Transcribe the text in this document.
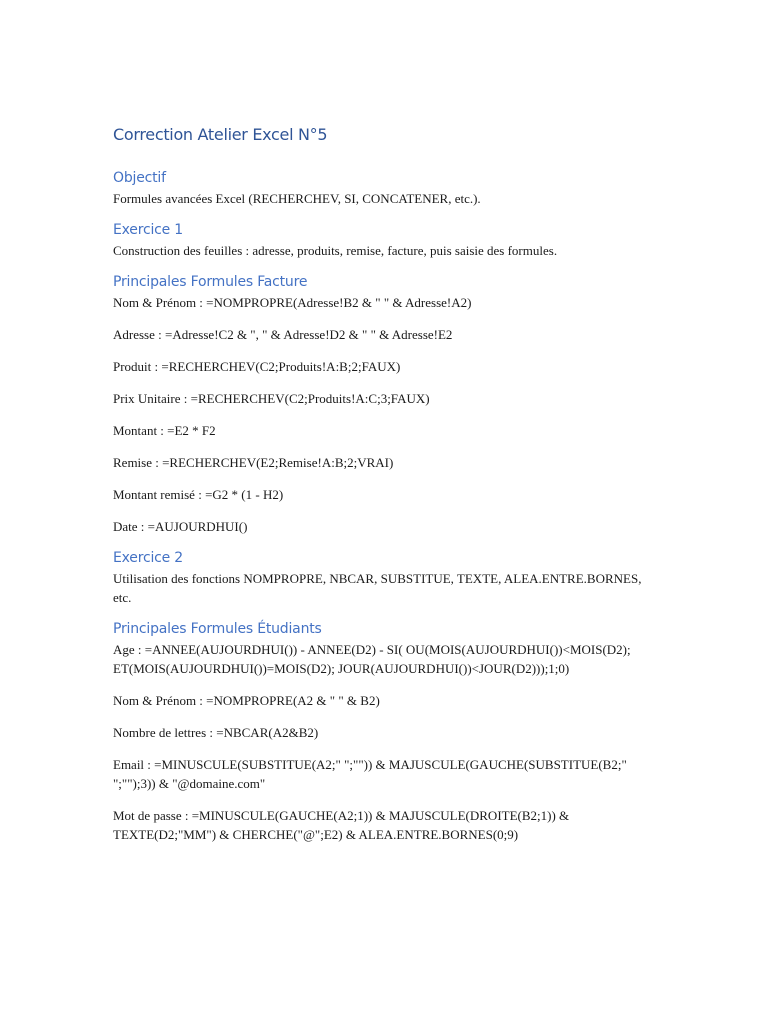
Correction Atelier Excel N°5
Objectif
Formules avancées Excel (RECHERCHEV, SI, CONCATENER, etc.).
Exercice 1
Construction des feuilles : adresse, produits, remise, facture, puis saisie des formules.
Principales Formules Facture
Nom & Prénom : =NOMPROPRE(Adresse!B2 & " " & Adresse!A2)
Adresse : =Adresse!C2 & ", " & Adresse!D2 & " " & Adresse!E2
Produit : =RECHERCHEV(C2;Produits!A:B;2;FAUX)
Prix Unitaire : =RECHERCHEV(C2;Produits!A:C;3;FAUX)
Montant : =E2 * F2
Remise : =RECHERCHEV(E2;Remise!A:B;2;VRAI)
Montant remisé : =G2 * (1 - H2)
Date : =AUJOURDHUI()
Exercice 2
Utilisation des fonctions NOMPROPRE, NBCAR, SUBSTITUE, TEXTE, ALEA.ENTRE.BORNES, etc.
Principales Formules Étudiants
Age : =ANNEE(AUJOURDHUI()) - ANNEE(D2) - SI( OU(MOIS(AUJOURDHUI())<MOIS(D2); ET(MOIS(AUJOURDHUI())=MOIS(D2); JOUR(AUJOURDHUI())<JOUR(D2)));1;0)
Nom & Prénom : =NOMPROPRE(A2 & " " & B2)
Nombre de lettres : =NBCAR(A2&B2)
Email : =MINUSCULE(SUBSTITUE(A2;" ";"")) & MAJUSCULE(GAUCHE(SUBSTITUE(B2;" ";"");3)) & "@domaine.com"
Mot de passe : =MINUSCULE(GAUCHE(A2;1)) & MAJUSCULE(DROITE(B2;1)) & TEXTE(D2;"MM") & CHERCHE("@";E2) & ALEA.ENTRE.BORNES(0;9)
